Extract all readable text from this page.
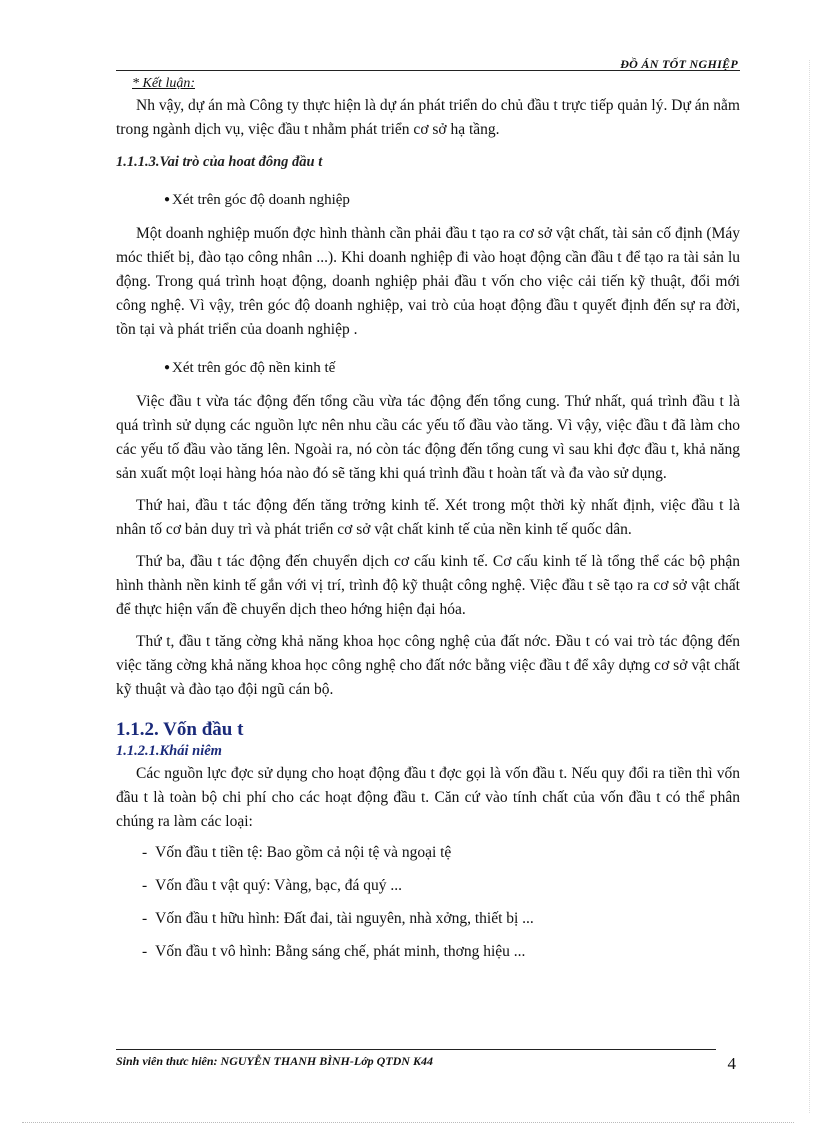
ĐỒ ÁN TỐT NGHIỆP
* Kết luận:

Nh vậy, dự án mà Công ty thực hiện là dự án phát triển do chủ đầu t trực tiếp quản lý. Dự án nằm trong ngành dịch vụ, việc đầu t nhằm phát triển cơ sở hạ tầng.

1.1.1.3.Vai trò của hoat đông đầu t
● Xét trên góc độ doanh nghiệp

Một doanh nghiệp muốn đợc hình thành cần phải đầu t tạo ra cơ sở vật chất, tài sản cố định (Máy móc thiết bị, đào tạo công nhân ...). Khi doanh nghiệp đi vào hoạt động cần đầu t để tạo ra tài sản lu động. Trong quá trình hoạt động, doanh nghiệp phải đầu t vốn cho việc cải tiến kỹ thuật, đổi mới công nghệ. Vì vậy, trên góc độ doanh nghiệp, vai trò của hoạt động đầu t quyết định đến sự ra đời, tồn tại và phát triển của doanh nghiệp .

● Xét trên góc độ nền kinh tế

Việc đầu t vừa tác động đến tổng cầu vừa tác động đến tổng cung. Thứ nhất, quá trình đầu t là quá trình sử dụng các nguồn lực nên nhu cầu các yếu tố đầu vào tăng. Vì vậy, việc đầu t đã làm cho các yếu tố đầu vào tăng lên. Ngoài ra, nó còn tác động đến tổng cung vì sau khi đợc đầu t, khả năng sản xuất một loại hàng hóa nào đó sẽ tăng khi quá trình đầu t hoàn tất và đa vào sử dụng.

Thứ hai, đầu t tác động đến tăng trởng kinh tế. Xét trong một thời kỳ nhất định, việc đầu t là nhân tố cơ bản duy trì và phát triển cơ sở vật chất kinh tế của nền kinh tế quốc dân.

Thứ ba, đầu t tác động đến chuyển dịch cơ cấu kinh tế. Cơ cấu kinh tế là tổng thể các bộ phận hình thành nền kinh tế gắn với vị trí, trình độ kỹ thuật công nghệ. Việc đầu t sẽ tạo ra cơ sở vật chất để thực hiện vấn đề chuyển dịch theo hớng hiện đại hóa.

Thứ t, đầu t tăng cờng khả năng khoa học công nghệ của đất nớc. Đầu t có vai trò tác động đến việc tăng cờng khả năng khoa học công nghệ cho đất nớc bằng việc đầu t để xây dựng cơ sở vật chất kỹ thuật và đào tạo đội ngũ cán bộ.

1.1.2. Vốn đầu t
1.1.2.1.Khái niêm

Các nguồn lực đợc sử dụng cho hoạt động đầu t đợc gọi là vốn đầu t. Nếu quy đổi ra tiền thì vốn đầu t là toàn bộ chi phí cho các hoạt động đầu t. Căn cứ vào tính chất của vốn đầu t có thể phân chúng ra làm các loại:

- Vốn đầu t tiền tệ: Bao gồm cả nội tệ và ngoại tệ
- Vốn đầu t vật quý: Vàng, bạc, đá quý ...
- Vốn đầu t hữu hình: Đất đai, tài nguyên, nhà xởng, thiết bị ...
- Vốn đầu t vô hình: Bằng sáng chế, phát minh, thơng hiệu ...
Sinh viên thưc hiên: NGUYỄN THANH BÌNH-Lớp QTDN K44	4
